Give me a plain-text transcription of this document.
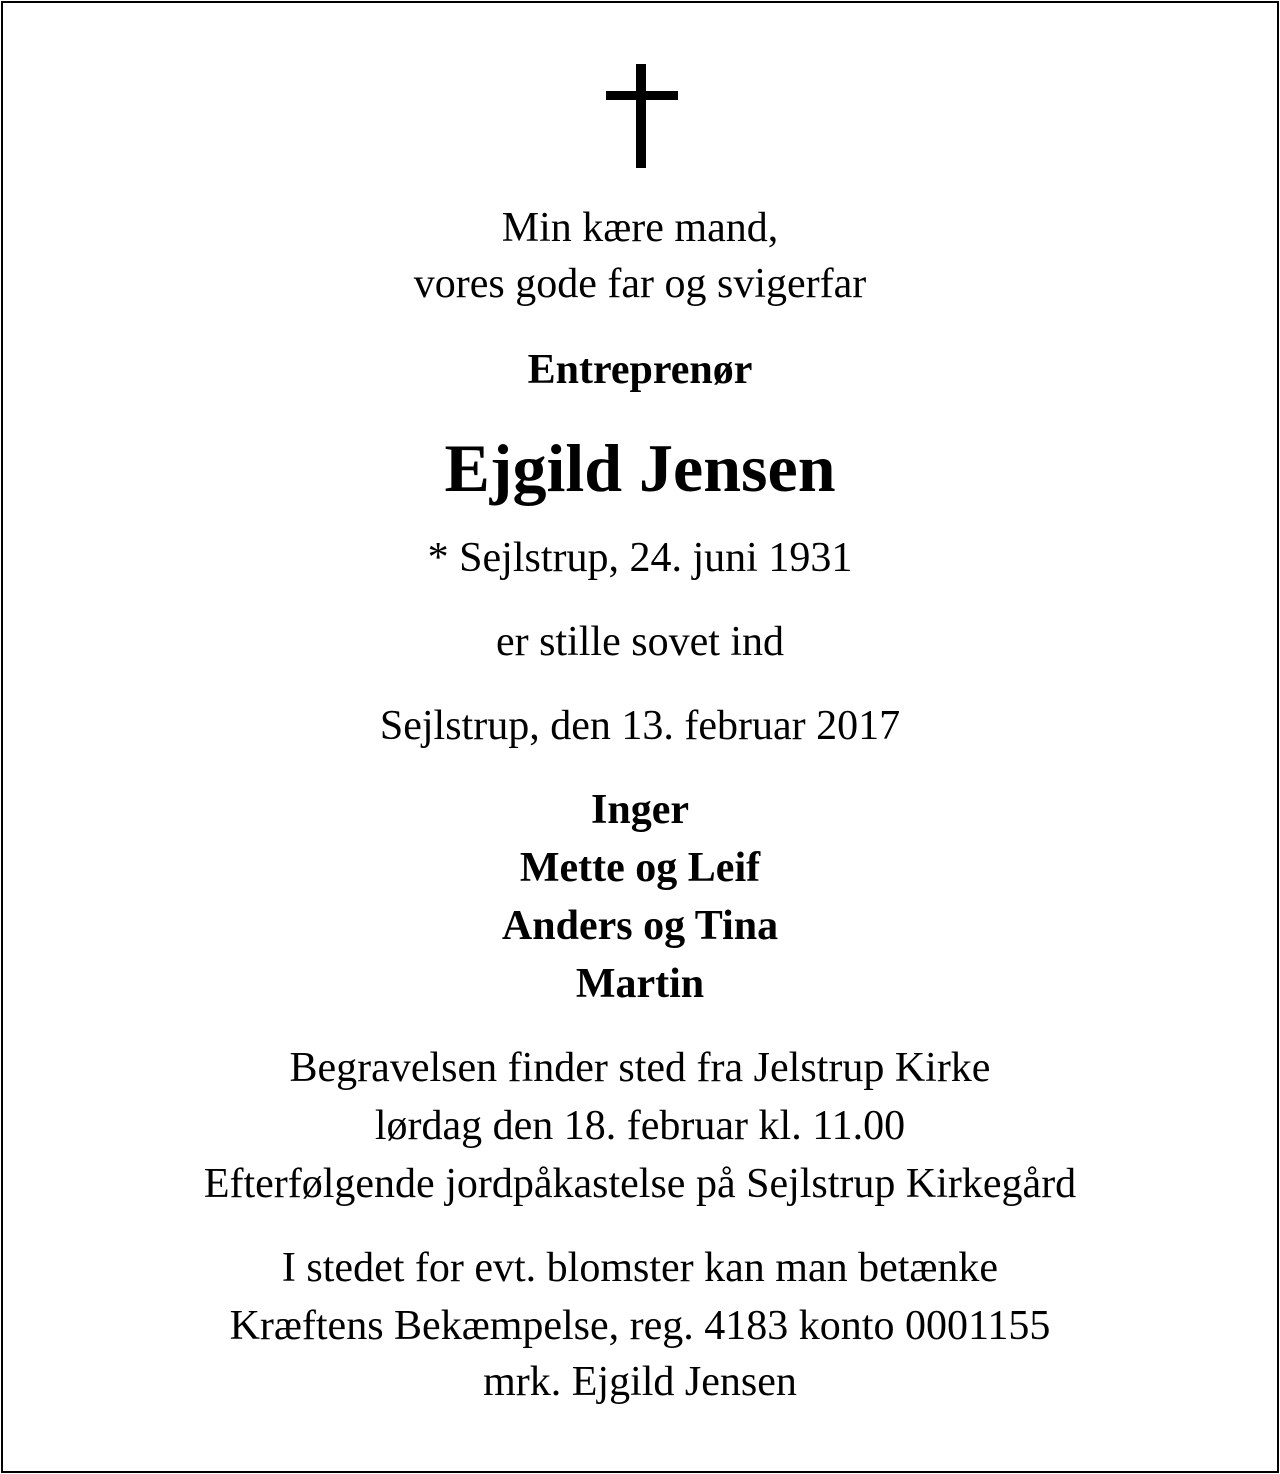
Min kære mand,

vores gode far og svigerfar

Entreprenør

Ejgild Jensen

* Sejlstrup, 24. juni 1931

er stille sovet ind

Sejlstrup, den 13. februar 2017

Inger

Mette og Leif

Anders og Tina

Martin

Begravelsen finder sted fra Jelstrup Kirke

lørdag den 18. februar kl. 11.00

Efterfølgende jordpåkastelse på Sejlstrup Kirkegård

I stedet for evt. blomster kan man betænke

Kræftens Bekæmpelse, reg. 4183 konto 0001155

mrk. Ejgild Jensen
